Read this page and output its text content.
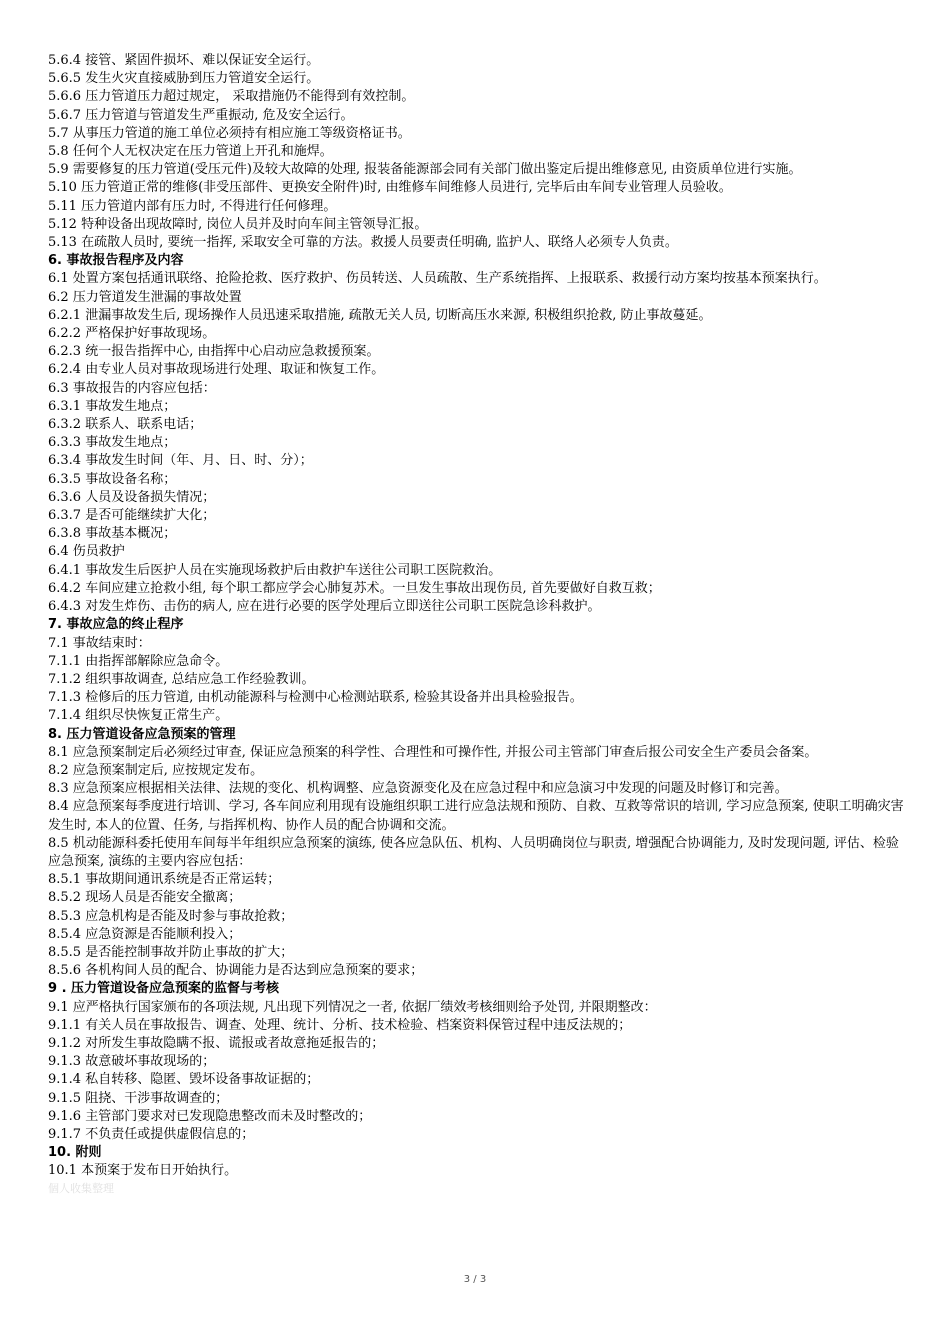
5.6.4 接管、紧固件损坏、难以保证安全运行。
5.6.5 发生火灾直接威胁到压力管道安全运行。
5.6.6 压力管道压力超过规定， 采取措施仍不能得到有效控制。
5.6.7 压力管道与管道发生严重振动, 危及安全运行。
5.7 从事压力管道的施工单位必须持有相应施工等级资格证书。
5.8 任何个人无权决定在压力管道上开孔和施焊。
5.9 需要修复的压力管道(受压元件)及较大故障的处理, 报装备能源部会同有关部门做出鉴定后提出维修意见, 由资质单位进行实施。
5.10 压力管道正常的维修(非受压部件、更换安全附件)时, 由维修车间维修人员进行, 完毕后由车间专业管理人员验收。
5.11 压力管道内部有压力时, 不得进行任何修理。
5.12 特种设备出现故障时, 岗位人员并及时向车间主管领导汇报。
5.13 在疏散人员时, 要统一指挥, 采取安全可靠的方法。救援人员要责任明确, 监护人、联络人必须专人负责。
6. 事故报告程序及内容
6.1 处置方案包括通讯联络、抢险抢救、医疗救护、伤员转送、人员疏散、生产系统指挥、上报联系、救援行动方案均按基本预案执行。
6.2 压力管道发生泄漏的事故处置
6.2.1 泄漏事故发生后, 现场操作人员迅速采取措施, 疏散无关人员, 切断高压水来源, 积极组织抢救, 防止事故蔓延。
6.2.2 严格保护好事故现场。
6.2.3 统一报告指挥中心, 由指挥中心启动应急救援预案。
6.2.4 由专业人员对事故现场进行处理、取证和恢复工作。
6.3 事故报告的内容应包括：
6.3.1 事故发生地点；
6.3.2 联系人、联系电话；
6.3.3 事故发生地点；
6.3.4 事故发生时间（年、月、日、时、分）；
6.3.5 事故设备名称；
6.3.6 人员及设备损失情况；
6.3.7 是否可能继续扩大化；
6.3.8 事故基本概况；
6.4 伤员救护
6.4.1 事故发生后医护人员在实施现场救护后由救护车送往公司职工医院救治。
6.4.2 车间应建立抢救小组, 每个职工都应学会心肺复苏术。一旦发生事故出现伤员, 首先要做好自救互救；
6.4.3 对发生炸伤、击伤的病人, 应在进行必要的医学处理后立即送往公司职工医院急诊科救护。
7. 事故应急的终止程序
7.1 事故结束时：
7.1.1 由指挥部解除应急命令。
7.1.2 组织事故调查, 总结应急工作经验教训。
7.1.3 检修后的压力管道, 由机动能源科与检测中心检测站联系, 检验其设备并出具检验报告。
7.1.4 组织尽快恢复正常生产。
8. 压力管道设备应急预案的管理
8.1 应急预案制定后必须经过审查, 保证应急预案的科学性、合理性和可操作性, 并报公司主管部门审查后报公司安全生产委员会备案。
8.2 应急预案制定后, 应按规定发布。
8.3 应急预案应根据相关法律、法规的变化、机构调整、应急资源变化及在应急过程中和应急演习中发现的问题及时修订和完善。
8.4 应急预案每季度进行培训、学习, 各车间应利用现有设施组织职工进行应急法规和预防、自救、互救等常识的培训, 学习应急预案, 使职工明确灾害发生时, 本人的位置、任务, 与指挥机构、协作人员的配合协调和交流。
8.5 机动能源科委托使用车间每半年组织应急预案的演练, 使各应急队伍、机构、人员明确岗位与职责, 增强配合协调能力, 及时发现问题, 评估、检验应急预案, 演练的主要内容应包括：
8.5.1 事故期间通讯系统是否正常运转；
8.5.2 现场人员是否能安全撤离；
8.5.3 应急机构是否能及时参与事故抢救；
8.5.4 应急资源是否能顺利投入；
8.5.5 是否能控制事故并防止事故的扩大；
8.5.6 各机构间人员的配合、协调能力是否达到应急预案的要求；
9 . 压力管道设备应急预案的监督与考核
9.1 应严格执行国家颁布的各项法规, 凡出现下列情况之一者, 依据厂绩效考核细则给予处罚, 并限期整改：
9.1.1 有关人员在事故报告、调查、处理、统计、分析、技术检验、档案资料保管过程中违反法规的；
9.1.2 对所发生事故隐瞒不报、谎报或者故意拖延报告的；
9.1.3 故意破坏事故现场的；
9.1.4 私自转移、隐匿、毁坏设备事故证据的；
9.1.5 阻挠、干涉事故调查的；
9.1.6 主管部门要求对已发现隐患整改而未及时整改的；
9.1.7 不负责任或提供虚假信息的；
10. 附则
10.1 本预案于发布日开始执行。
個人收集整理
3 / 3
